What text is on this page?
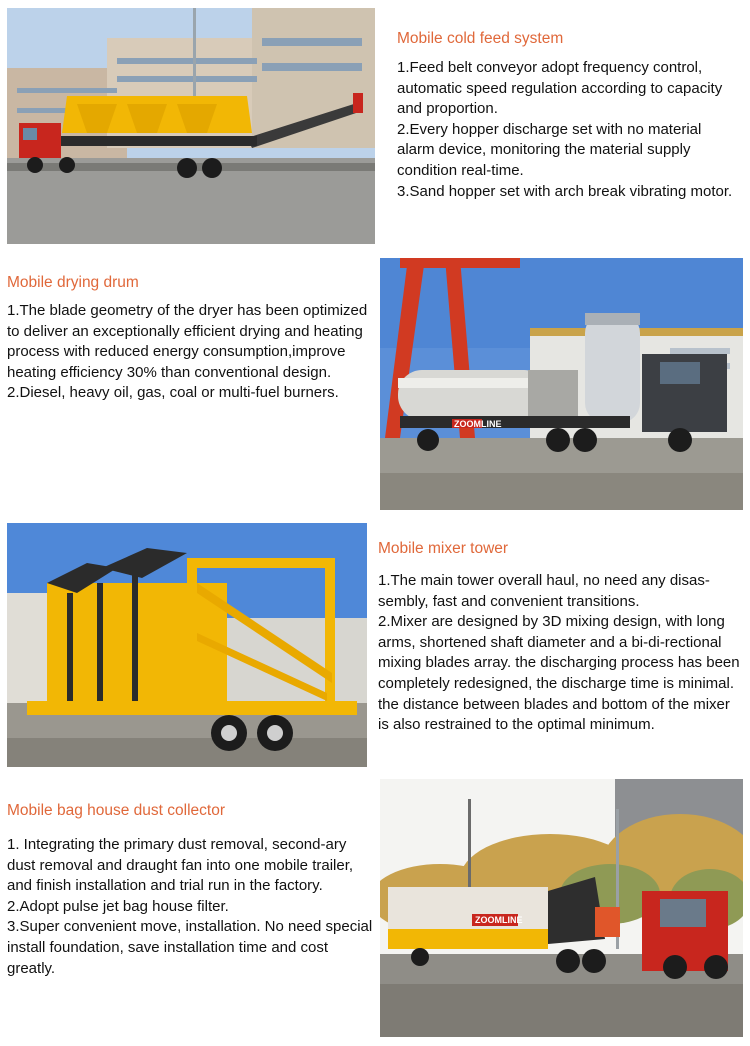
Mobile cold feed system

1.Feed belt conveyor adopt frequency control, automatic speed regulation according to capacity and proportion.

2.Every hopper discharge set with no material alarm device, monitoring the material supply condition real-time.

3.Sand hopper set with arch break vibrating motor.

Mobile drying drum

1.The blade geometry of the dryer has been optimized to deliver an exceptionally efficient drying and heating process with reduced energy consumption,improve heating efficiency 30% than conventional design.

2.Diesel, heavy oil, gas, coal or multi-fuel burners.

ZOOMLINE
Mobile mixer tower

1.The main tower overall haul, no need any disas-sembly, fast and convenient transitions.

2.Mixer are designed by 3D mixing design, with long arms, shortened shaft diameter and a bi-di-rectional mixing blades array. the discharging process has been completely redesigned, the discharge time is minimal. the distance between blades and bottom of the mixer is also restrained to the optimal minimum.

Mobile bag house dust collector

1. Integrating the primary dust removal, second-ary dust removal and draught fan into one mobile trailer, and finish installation and trial run in the factory.

2.Adopt pulse jet bag house filter.

3.Super convenient move, installation. No need special install foundation, save installation time and cost greatly.

ZOOMLINE
